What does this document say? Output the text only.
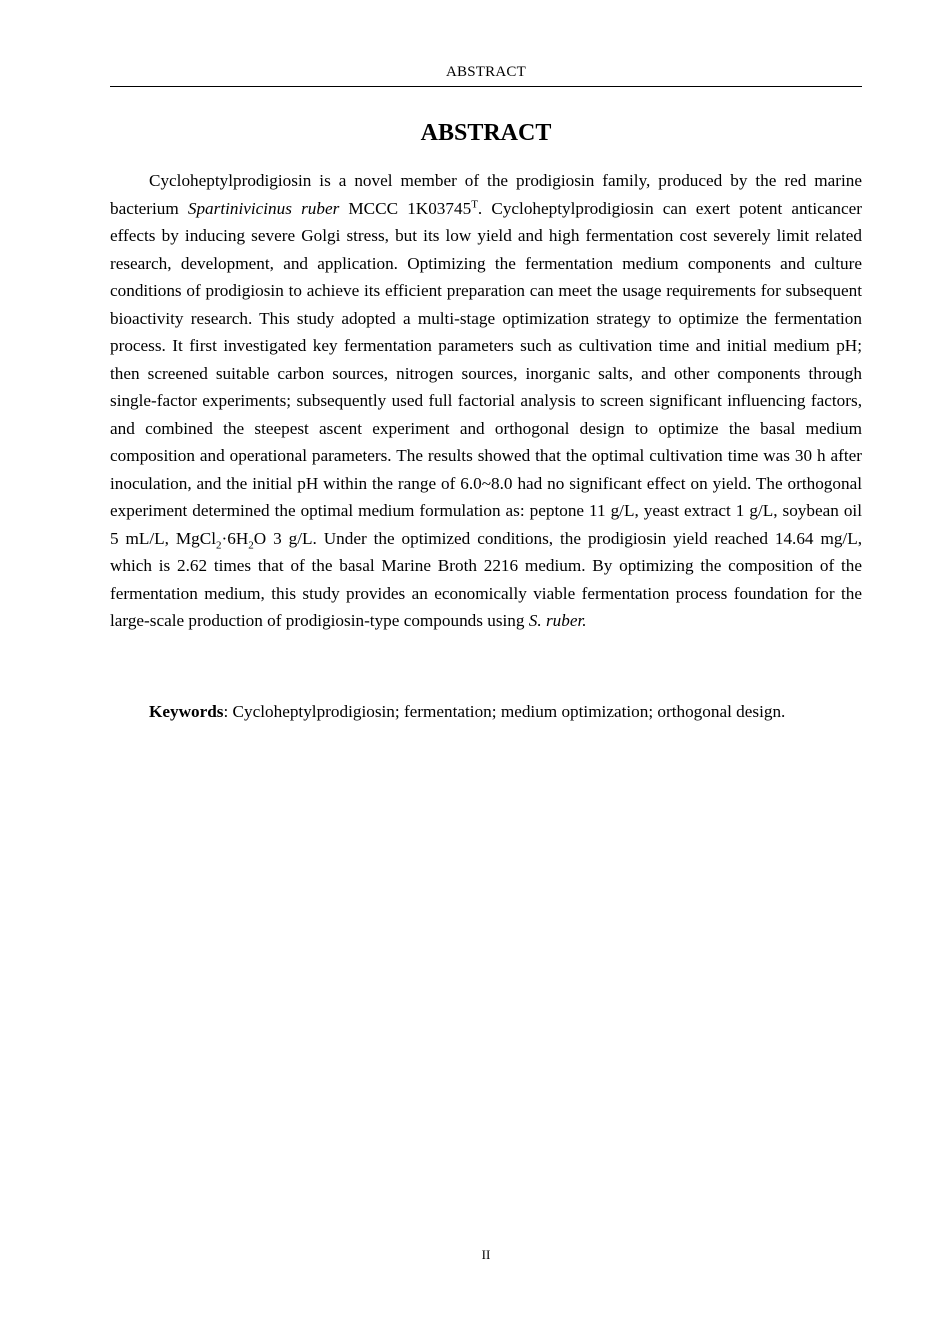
ABSTRACT
ABSTRACT

Cycloheptylprodigiosin is a novel member of the prodigiosin family, produced by the red marine bacterium Spartinivicinus ruber MCCC $1K03745^T$. Cycloheptylprodigiosin can exert potent anticancer effects by inducing severe Golgi stress, but its low yield and high fermentation cost severely limit related research, development, and application. Optimizing the fermentation medium components and culture conditions of prodigiosin to achieve its efficient preparation can meet the usage requirements for subsequent bioactivity research. This study adopted a multi-stage optimization strategy to optimize the fermentation process. It first investigated key fermentation parameters such as cultivation time and initial medium pH; then screened suitable carbon sources, nitrogen sources, inorganic salts, and other components through single-factor experiments; subsequently used full factorial analysis to screen significant influencing factors, and combined the steepest ascent experiment and orthogonal design to optimize the basal medium composition and operational parameters. The results showed that the optimal cultivation time was 30 h after inoculation, and the initial pH within the range of 6.0~8.0 had no significant effect on yield. The orthogonal experiment determined the optimal medium formulation as: peptone 11 g/L, yeast extract 1 g/L, soybean oil 5 mL/L, $MgCl_2\cdot 6H_2O$ 3 g/L. Under the optimized conditions, the prodigiosin yield reached 14.64 mg/L, which is 2.62 times that of the basal Marine Broth 2216 medium. By optimizing the composition of the fermentation medium, this study provides an economically viable fermentation process foundation for the large-scale production of prodigiosin-type compounds using S. ruber.

Keywords: Cycloheptylprodigiosin; fermentation; medium optimization; orthogonal design.

II
